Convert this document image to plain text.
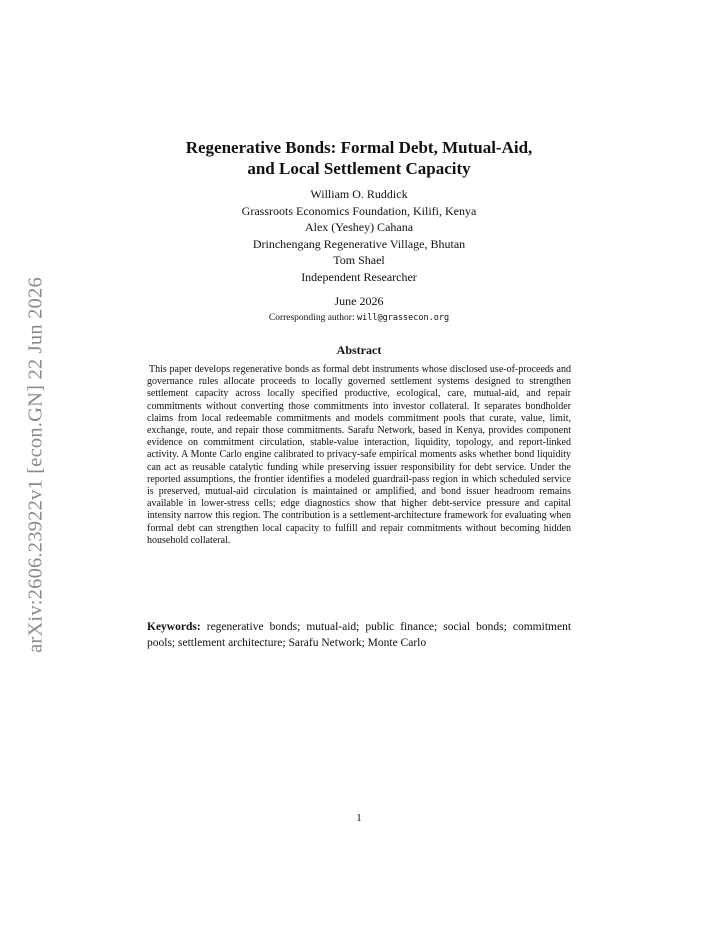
arXiv:2606.23922v1 [econ.GN] 22 Jun 2026
Regenerative Bonds: Formal Debt, Mutual-Aid,
and Local Settlement Capacity
William O. Ruddick
Grassroots Economics Foundation, Kilifi, Kenya
Alex (Yeshey) Cahana
Drinchengang Regenerative Village, Bhutan
Tom Shael
Independent Researcher
June 2026
Corresponding author: will@grassecon.org
Abstract
This paper develops regenerative bonds as formal debt instruments whose disclosed use-of-proceeds and governance rules allocate proceeds to locally governed settlement systems designed to strengthen settlement capacity across locally specified productive, ecological, care, mutual-aid, and repair commitments without converting those commitments into investor collateral. It separates bondholder claims from local redeemable commitments and models commitment pools that curate, value, limit, exchange, route, and repair those commitments. Sarafu Network, based in Kenya, provides component evidence on commitment circulation, stable-value interaction, liquidity, topology, and report-linked activity. A Monte Carlo engine calibrated to privacy-safe empirical moments asks whether bond liquidity can act as reusable catalytic funding while preserving issuer responsibility for debt service. Under the reported assumptions, the frontier identifies a modeled guardrail-pass region in which scheduled service is preserved, mutual-aid circulation is maintained or amplified, and bond issuer headroom remains available in lower-stress cells; edge diagnostics show that higher debt-service pressure and capital intensity narrow this region. The contribution is a settlement-architecture framework for evaluating when formal debt can strengthen local capacity to fulfill and repair commitments without becoming hidden household collateral.
Keywords: regenerative bonds; mutual-aid; public finance; social bonds; commitment pools; settlement architecture; Sarafu Network; Monte Carlo
1
